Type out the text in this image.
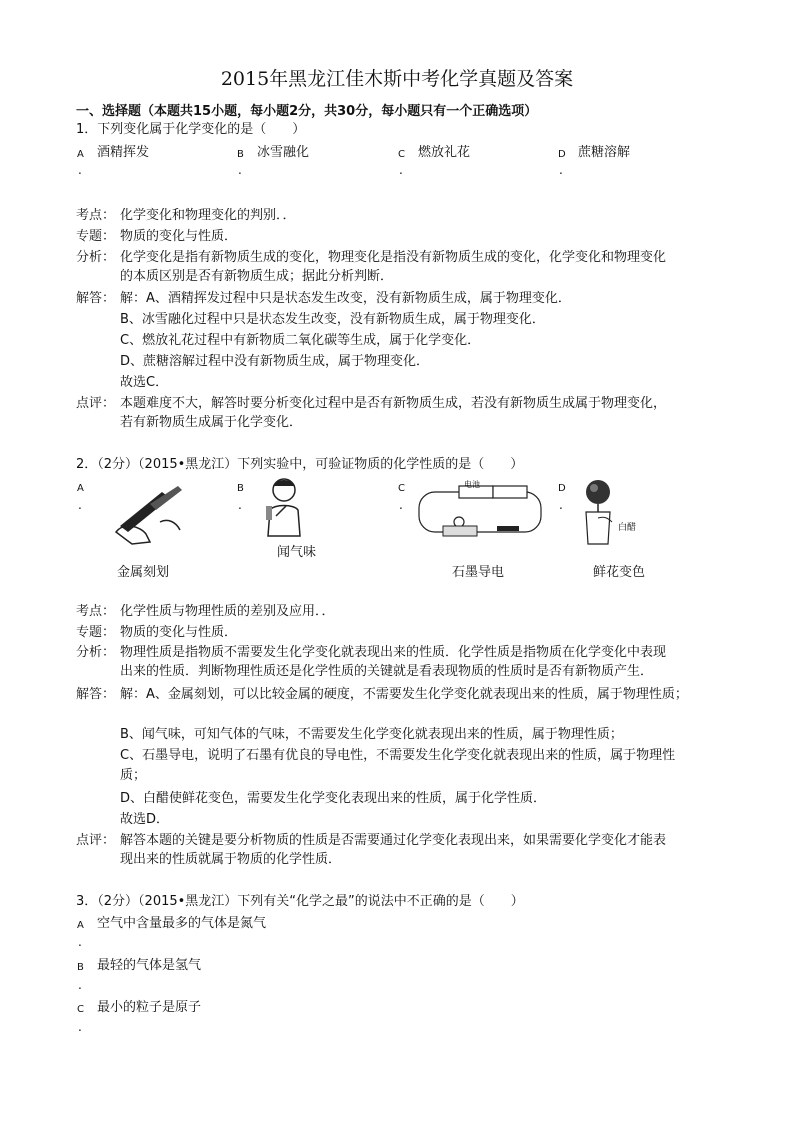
2015年黑龙江佳木斯中考化学真题及答案
一、选择题（本题共15小题，每小题2分，共30分，每小题只有一个正确选项）
1．下列变化属于化学变化的是（　　）
A 酒精挥发
.
B 冰雪融化
.
C 燃放礼花
.
D 蔗糖溶解
.
考点： 化学变化和物理变化的判别．．
专题： 物质的变化与性质．
分析： 化学变化是指有新物质生成的变化，物理变化是指没有新物质生成的变化，化学变化和物理变化
的本质区别是否有新物质生成；据此分析判断．
解答： 解：A、酒精挥发过程中只是状态发生改变，没有新物质生成，属于物理变化．
B、冰雪融化过程中只是状态发生改变，没有新物质生成，属于物理变化．
C、燃放礼花过程中有新物质二氧化碳等生成，属于化学变化．
D、蔗糖溶解过程中没有新物质生成，属于物理变化．
故选C．
点评： 本题难度不大，解答时要分析变化过程中是否有新物质生成，若没有新物质生成属于物理变化，
若有新物质生成属于化学变化．
2．（2分）（2015•黑龙江）下列实验中，可验证物质的化学性质的是（　　）
A
.
B
.
C
.
D
.
金属刻划
闻气味
电池
石墨导电
白醋
鲜花变色
考点： 化学性质与物理性质的差别及应用．．
专题： 物质的变化与性质．
分析： 物理性质是指物质不需要发生化学变化就表现出来的性质．化学性质是指物质在化学变化中表现
出来的性质．判断物理性质还是化学性质的关键就是看表现物质的性质时是否有新物质产生．
解答： 解：A、金属刻划，可以比较金属的硬度，不需要发生化学变化就表现出来的性质，属于物理性质；
B、闻气味，可知气体的气味，不需要发生化学变化就表现出来的性质，属于物理性质；
C、石墨导电，说明了石墨有优良的导电性，不需要发生化学变化就表现出来的性质，属于物理性
质；
D、白醋使鲜花变色，需要发生化学变化表现出来的性质，属于化学性质．
故选D．
点评： 解答本题的关键是要分析物质的性质是否需要通过化学变化表现出来，如果需要化学变化才能表
现出来的性质就属于物质的化学性质．
3．（2分）（2015•黑龙江）下列有关“化学之最”的说法中不正确的是（　　）
A 空气中含量最多的气体是氮气
.
B 最轻的气体是氢气
.
C 最小的粒子是原子
.
